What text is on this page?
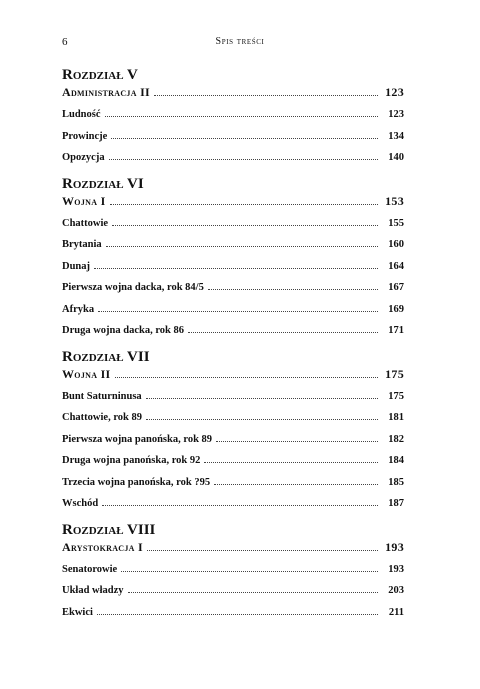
6	Spis treści
Rozdział V
Administracja II	123
Ludność	123
Prowincje	134
Opozycja	140
Rozdział VI
Wojna I	153
Chattowie	155
Brytania	160
Dunaj	164
Pierwsza wojna dacka, rok 84/5	167
Afryka	169
Druga wojna dacka, rok 86	171
Rozdział VII
Wojna II	175
Bunt Saturninusa	175
Chattowie, rok 89	181
Pierwsza wojna panońska, rok 89	182
Druga wojna panońska, rok 92	184
Trzecia wojna panońska, rok ?95	185
Wschód	187
Rozdział VIII
Arystokracja I	193
Senatorowie	193
Układ władzy	203
Ekwici	211
